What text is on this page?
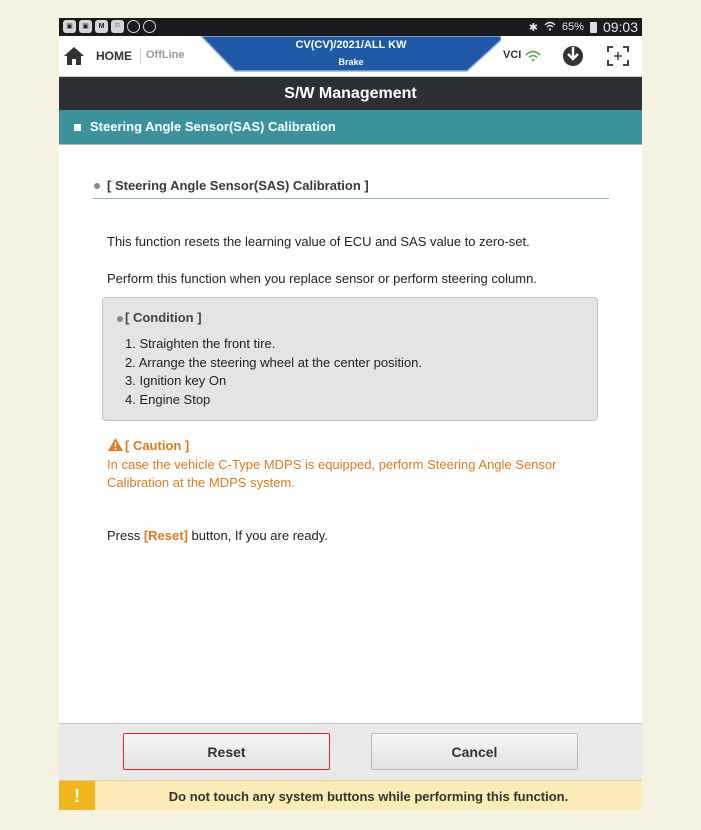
▣	▣	M	⚐	✱ 65% 09:03
HOME OffLine
CV(CV)/2021/ALL KW
Brake
VCI
S/W Management
Steering Angle Sensor(SAS) Calibration
[ Steering Angle Sensor(SAS) Calibration ]
This function resets the learning value of ECU and SAS value to zero-set.
Perform this function when you replace sensor or perform steering column.
[ Condition ]
1. Straighten the front tire.
2. Arrange the steering wheel at the center position.
3. Ignition key On
4. Engine Stop
[ Caution ]
In case the vehicle C-Type MDPS is equipped, perform Steering Angle Sensor Calibration at the MDPS system.
Press [Reset] button, If you are ready.
Reset	Cancel
!	Do not touch any system buttons while performing this function.
